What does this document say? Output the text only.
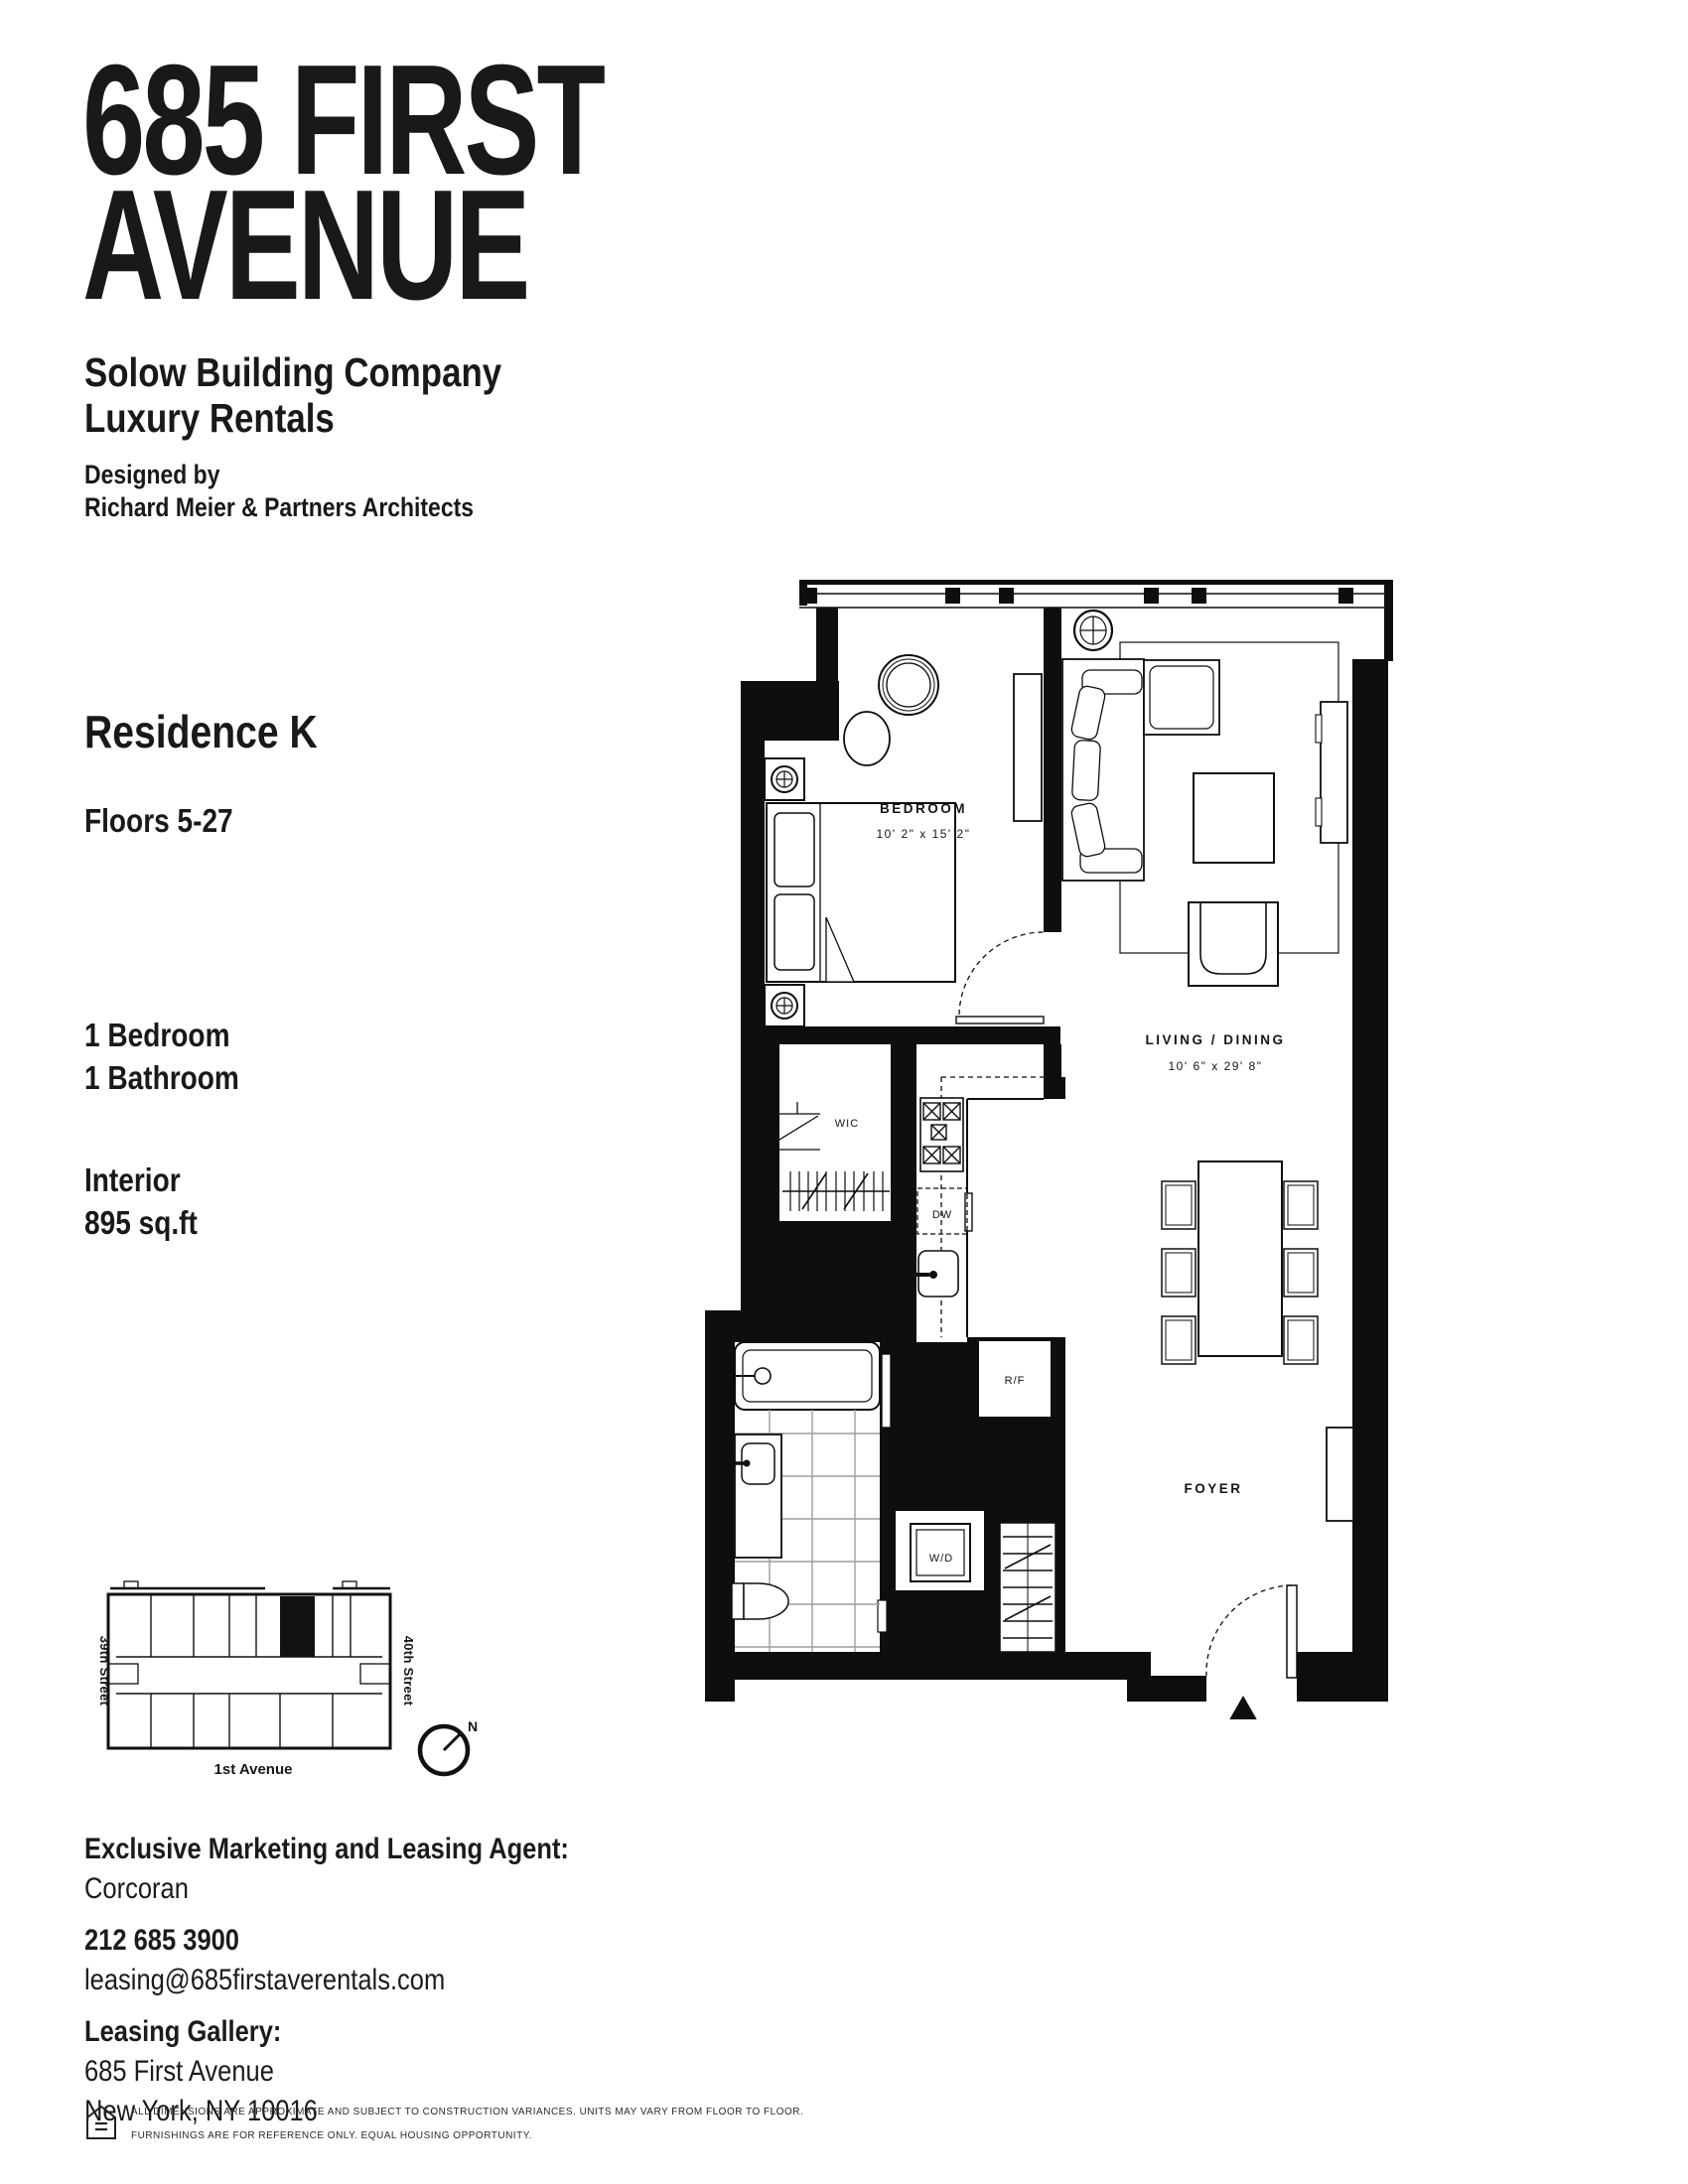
685 FIRST
AVENUE
Solow Building Company
Luxury Rentals
Designed by
Richard Meier & Partners Architects
Residence K
Floors 5-27
1 Bedroom
1 Bathroom
Interior
895 sq.ft
BEDROOM
10' 2" x 15' 2"
LIVING / DINING
10' 6" x 29' 8"
WIC
DW
R/F
W/D
FOYER
39th Street	40th Street
1st Avenue
N
Exclusive Marketing and Leasing Agent:
Corcoran
212 685 3900
leasing@685firstaverentals.com
Leasing Gallery:
685 First Avenue
New York, NY 10016
ALL DIMENSIONS ARE APPROXIMATE AND SUBJECT TO CONSTRUCTION VARIANCES. UNITS MAY VARY FROM FLOOR TO FLOOR.
FURNISHINGS ARE FOR REFERENCE ONLY. EQUAL HOUSING OPPORTUNITY.
